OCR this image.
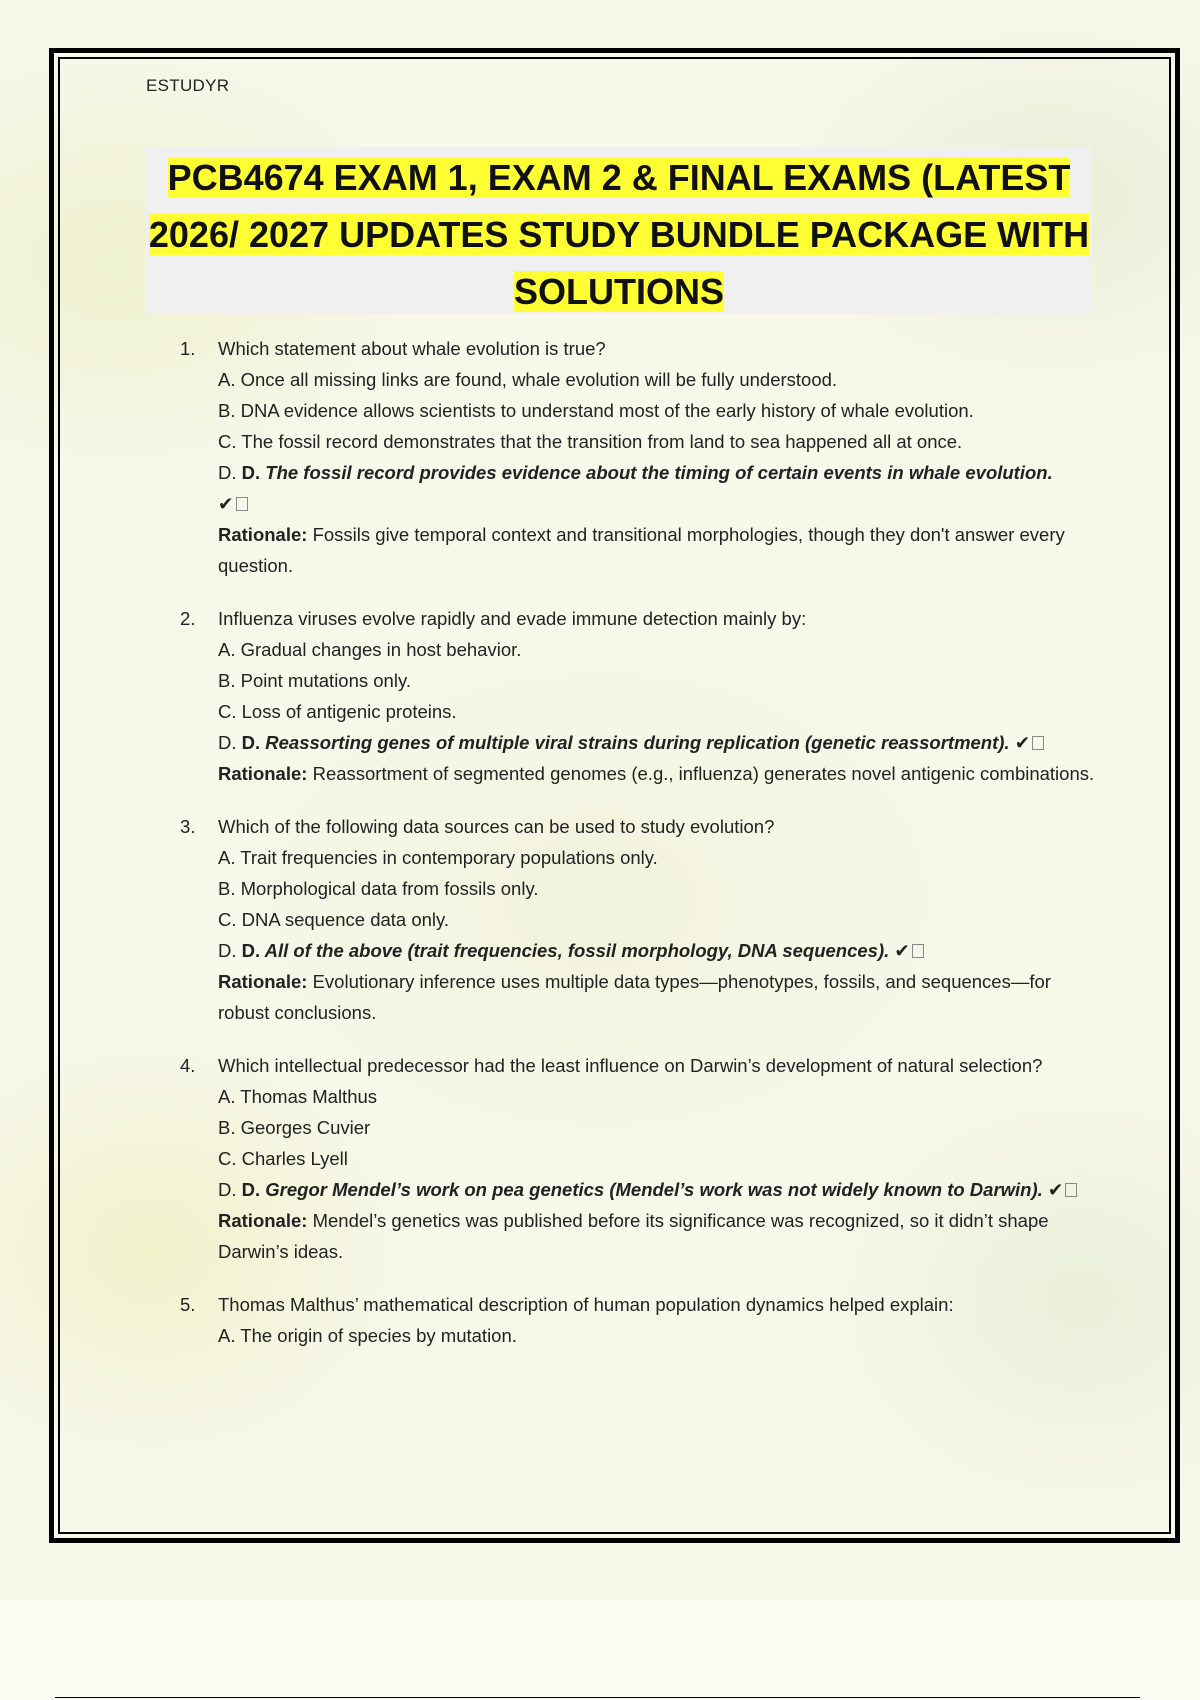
ESTUDYR
PCB4674 EXAM 1, EXAM 2 & FINAL EXAMS (LATEST
2026/ 2027 UPDATES STUDY BUNDLE PACKAGE WITH
SOLUTIONS
1. Which statement about whale evolution is true?
A. Once all missing links are found, whale evolution will be fully understood.
B. DNA evidence allows scientists to understand most of the early history of whale evolution.
C. The fossil record demonstrates that the transition from land to sea happened all at once.
D. D. The fossil record provides evidence about the timing of certain events in whale evolution.
✔
Rationale: Fossils give temporal context and transitional morphologies, though they don't answer every question.
2. Influenza viruses evolve rapidly and evade immune detection mainly by:
A. Gradual changes in host behavior.
B. Point mutations only.
C. Loss of antigenic proteins.
D. D. Reassorting genes of multiple viral strains during replication (genetic reassortment). ✔
Rationale: Reassortment of segmented genomes (e.g., influenza) generates novel antigenic combinations.
3. Which of the following data sources can be used to study evolution?
A. Trait frequencies in contemporary populations only.
B. Morphological data from fossils only.
C. DNA sequence data only.
D. D. All of the above (trait frequencies, fossil morphology, DNA sequences). ✔
Rationale: Evolutionary inference uses multiple data types—phenotypes, fossils, and sequences—for robust conclusions.
4. Which intellectual predecessor had the least influence on Darwin’s development of natural selection?
A. Thomas Malthus
B. Georges Cuvier
C. Charles Lyell
D. D. Gregor Mendel’s work on pea genetics (Mendel’s work was not widely known to Darwin). ✔
Rationale: Mendel’s genetics was published before its significance was recognized, so it didn’t shape Darwin’s ideas.
5. Thomas Malthus’ mathematical description of human population dynamics helped explain:
A. The origin of species by mutation.
